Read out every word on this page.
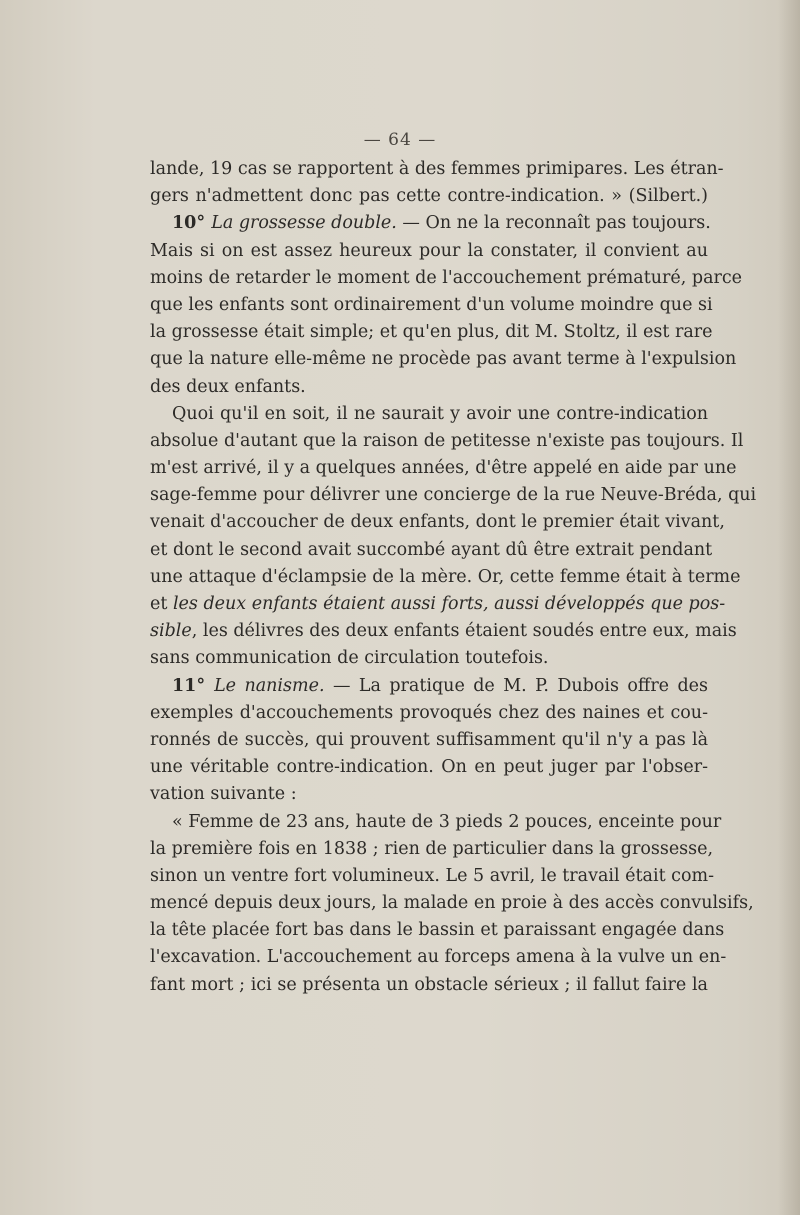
— 64 —
lande, 19 cas se rapportent à des femmes primipares. Les étran-
gers n'admettent donc pas cette contre-indication. » (Silbert.)
10° La grossesse double. — On ne la reconnaît pas toujours.
Mais si on est assez heureux pour la constater, il convient au
moins de retarder le moment de l'accouchement prématuré, parce
que les enfants sont ordinairement d'un volume moindre que si
la grossesse était simple; et qu'en plus, dit M. Stoltz, il est rare
que la nature elle-même ne procède pas avant terme à l'expulsion
des deux enfants.
Quoi qu'il en soit, il ne saurait y avoir une contre-indication
absolue d'autant que la raison de petitesse n'existe pas toujours. Il
m'est arrivé, il y a quelques années, d'être appelé en aide par une
sage-femme pour délivrer une concierge de la rue Neuve-Bréda, qui
venait d'accoucher de deux enfants, dont le premier était vivant,
et dont le second avait succombé ayant dû être extrait pendant
une attaque d'éclampsie de la mère. Or, cette femme était à terme
et les deux enfants étaient aussi forts, aussi développés que pos-
sible, les délivres des deux enfants étaient soudés entre eux, mais
sans communication de circulation toutefois.
11° Le nanisme. — La pratique de M. P. Dubois offre des
exemples d'accouchements provoqués chez des naines et cou-
ronnés de succès, qui prouvent suffisamment qu'il n'y a pas là
une véritable contre-indication. On en peut juger par l'obser-
vation suivante :
« Femme de 23 ans, haute de 3 pieds 2 pouces, enceinte pour
la première fois en 1838 ; rien de particulier dans la grossesse,
sinon un ventre fort volumineux. Le 5 avril, le travail était com-
mencé depuis deux jours, la malade en proie à des accès convulsifs,
la tête placée fort bas dans le bassin et paraissant engagée dans
l'excavation. L'accouchement au forceps amena à la vulve un en-
fant mort ; ici se présenta un obstacle sérieux ; il fallut faire la
